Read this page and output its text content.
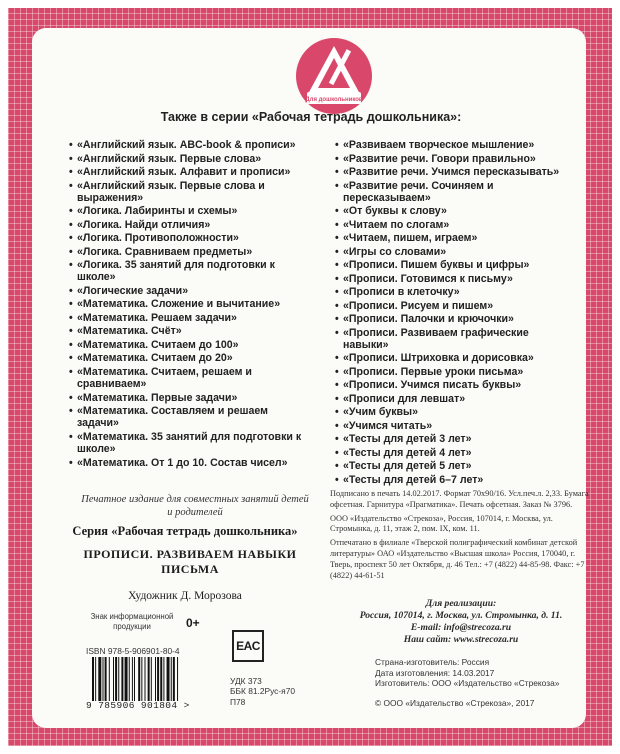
Для дошкольников
Также в серии «Рабочая тетрадь дошкольника»:
• «Английский язык. ABC-book & прописи»
• «Английский язык. Первые слова»
• «Английский язык. Алфавит и прописи»
• «Английский язык. Первые слова и выражения»
• «Логика. Лабиринты и схемы»
• «Логика. Найди отличия»
• «Логика. Противоположности»
• «Логика. Сравниваем предметы»
• «Логика. 35 занятий для подготовки к школе»
• «Логические задачи»
• «Математика. Сложение и вычитание»
• «Математика. Решаем задачи»
• «Математика. Счёт»
• «Математика. Считаем до 100»
• «Математика. Считаем до 20»
• «Математика. Считаем, решаем и сравниваем»
• «Математика. Первые задачи»
• «Математика. Составляем и решаем задачи»
• «Математика. 35 занятий для подготовки к школе»
• «Математика. От 1 до 10. Состав чисел»
• «Развиваем творческое мышление»
• «Развитие речи. Говори правильно»
• «Развитие речи. Учимся пересказывать»
• «Развитие речи. Сочиняем и пересказываем»
• «От буквы к слову»
• «Читаем по слогам»
• «Читаем, пишем, играем»
• «Игры со словами»
• «Прописи. Пишем буквы и цифры»
• «Прописи. Готовимся к письму»
• «Прописи в клеточку»
• «Прописи. Рисуем и пишем»
• «Прописи. Палочки и крючочки»
• «Прописи. Развиваем графические навыки»
• «Прописи. Штриховка и дорисовка»
• «Прописи. Первые уроки письма»
• «Прописи. Учимся писать буквы»
• «Прописи для левшат»
• «Учим буквы»
• «Учимся читать»
• «Тесты для детей 3 лет»
• «Тесты для детей 4 лет»
• «Тесты для детей 5 лет»
• «Тесты для детей 6–7 лет»
Печатное издание для совместных занятий детей и родителей
Серия «Рабочая тетрадь дошкольника»
ПРОПИСИ. РАЗВИВАЕМ НАВЫКИ ПИСЬМА
Художник Д. Морозова

Подписано в печать 14.02.2017. Формат 70х90/16. Усл.печ.л. 2,33. Бумага офсетная. Гарнитура «Прагматика». Печать офсетная. Заказ № 3796.

ООО «Издательство «Стрекоза», Россия, 107014, г. Москва, ул. Стромынка, д. 11, этаж 2, пом. IX, ком. 11.

Отпечатано в филиале «Тверской полиграфический комбинат детской литературы» ОАО «Издательство «Высшая школа» Россия, 170040, г. Тверь, проспект 50 лет Октября, д. 46 Тел.: +7 (4822) 44-85-98. Факс: +7 (4822) 44-61-51

Для реализации:
Россия, 107014, г. Москва, ул. Стромынка, д. 11.
E-mail: info@strecoza.ru
Наш сайт: www.strecoza.ru
Знак информационной продукции	0+
ISBN 978-5-906901-80-4
9 785906 901804 >
EAC
УДК 373
ББК 81.2Рус-я70
П78
Страна-изготовитель: Россия
Дата изготовления: 14.03.2017
Изготовитель: ООО «Издательство «Стрекоза»
© ООО «Издательство «Стрекоза», 2017
